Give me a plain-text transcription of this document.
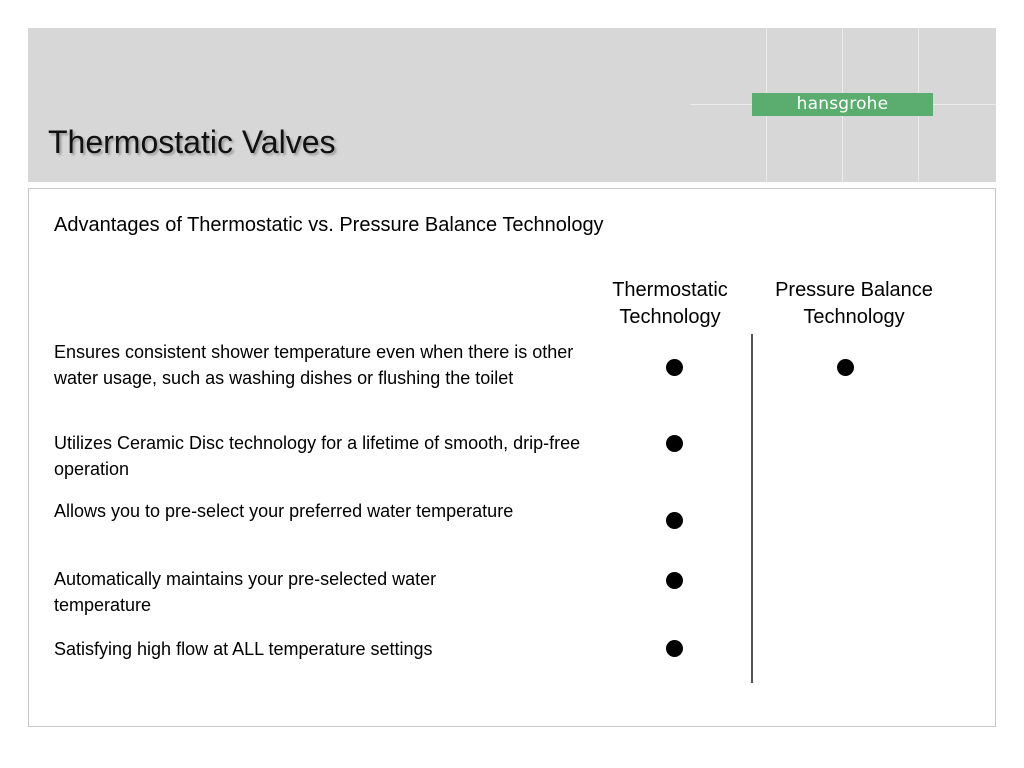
hansgrohe
Thermostatic Valves
Advantages of Thermostatic vs. Pressure Balance Technology
Thermostatic
Technology
Pressure Balance
Technology
Ensures consistent shower temperature even when there is other water usage, such as washing dishes or flushing the toilet
Utilizes Ceramic Disc technology for a lifetime of smooth, drip-free operation
Allows you to pre-select your preferred water temperature
Automatically maintains your pre-selected water temperature
Satisfying high flow at ALL temperature settings
